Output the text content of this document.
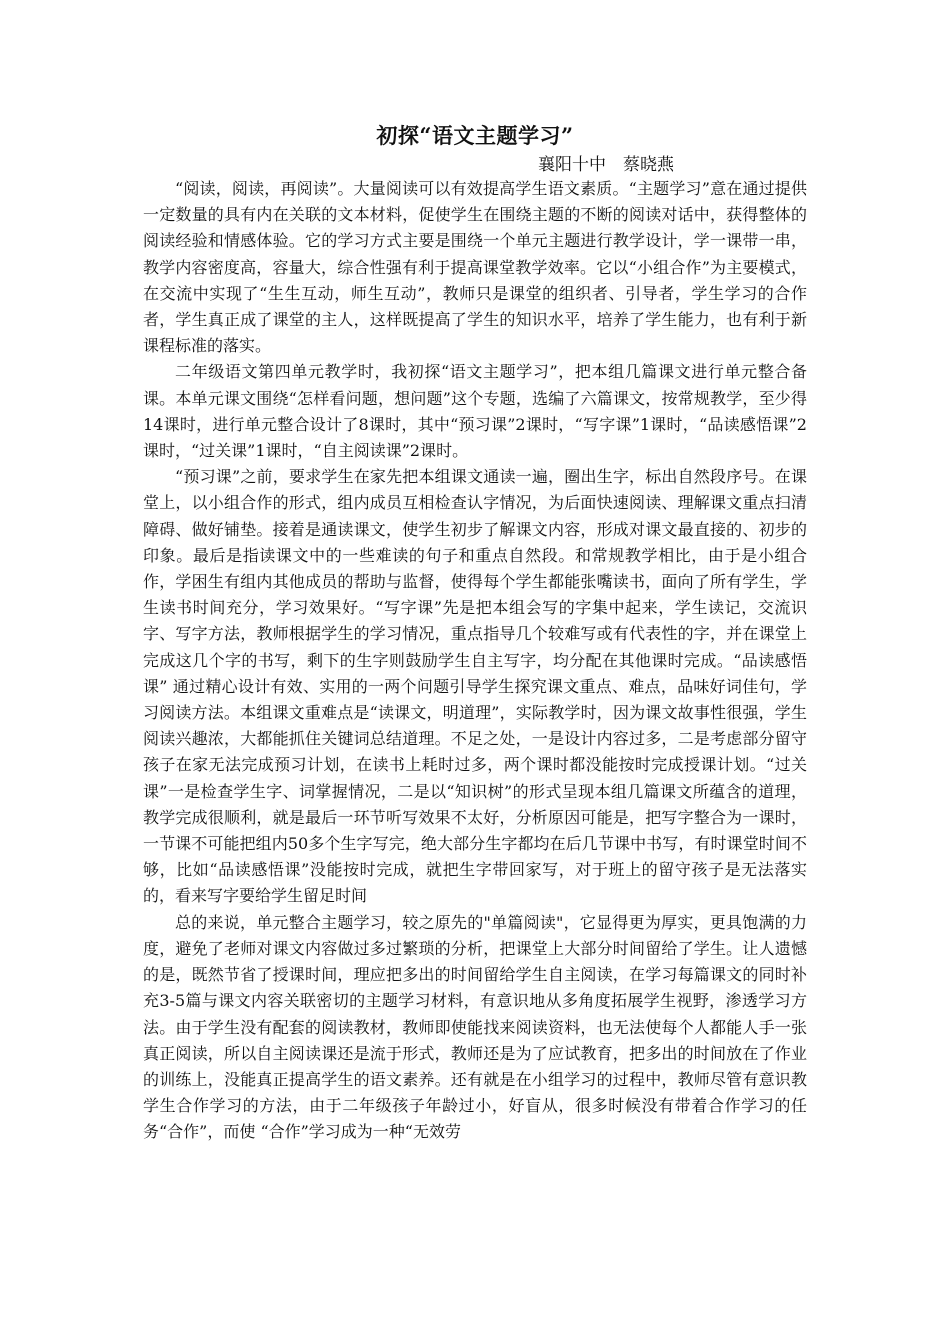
初探“语文主题学习”

襄阳十中　蔡晓燕

“阅读，阅读，再阅读”。大量阅读可以有效提高学生语文素质。“主题学习”意在通过提供一定数量的具有内在关联的文本材料，促使学生在围绕主题的不断的阅读对话中，获得整体的阅读经验和情感体验。它的学习方式主要是围绕一个单元主题进行教学设计，学一课带一串，教学内容密度高，容量大，综合性强有利于提高课堂教学效率。它以“小组合作”为主要模式，在交流中实现了“生生互动，师生互动”，教师只是课堂的组织者、引导者，学生学习的合作者，学生真正成了课堂的主人，这样既提高了学生的知识水平，培养了学生能力，也有利于新课程标准的落实。

二年级语文第四单元教学时，我初探“语文主题学习”，把本组几篇课文进行单元整合备课。本单元课文围绕“怎样看问题，想问题”这个专题，选编了六篇课文，按常规教学，至少得14课时，进行单元整合设计了8课时，其中“预习课”2课时，“写字课”1课时，“品读感悟课”2课时，“过关课”1课时，“自主阅读课”2课时。

“预习课”之前，要求学生在家先把本组课文通读一遍，圈出生字，标出自然段序号。在课堂上，以小组合作的形式，组内成员互相检查认字情况，为后面快速阅读、理解课文重点扫清障碍、做好铺垫。接着是通读课文，使学生初步了解课文内容，形成对课文最直接的、初步的印象。最后是指读课文中的一些难读的句子和重点自然段。和常规教学相比，由于是小组合作，学困生有组内其他成员的帮助与监督，使得每个学生都能张嘴读书，面向了所有学生，学生读书时间充分，学习效果好。“写字课”先是把本组会写的字集中起来，学生读记，交流识字、写字方法，教师根据学生的学习情况，重点指导几个较难写或有代表性的字，并在课堂上完成这几个字的书写，剩下的生字则鼓励学生自主写字，均分配在其他课时完成。“品读感悟课” 通过精心设计有效、实用的一两个问题引导学生探究课文重点、难点，品味好词佳句，学习阅读方法。本组课文重难点是“读课文，明道理”，实际教学时，因为课文故事性很强，学生阅读兴趣浓，大都能抓住关键词总结道理。不足之处，一是设计内容过多，二是考虑部分留守孩子在家无法完成预习计划，在读书上耗时过多，两个课时都没能按时完成授课计划。“过关课”一是检查学生字、词掌握情况，二是以“知识树”的形式呈现本组几篇课文所蕴含的道理，教学完成很顺利，就是最后一环节听写效果不太好，分析原因可能是，把写字整合为一课时，一节课不可能把组内50多个生字写完，绝大部分生字都均在后几节课中书写，有时课堂时间不够，比如“品读感悟课”没能按时完成，就把生字带回家写，对于班上的留守孩子是无法落实的，看来写字要给学生留足时间

总的来说，单元整合主题学习，较之原先的"单篇阅读"，它显得更为厚实，更具饱满的力度，避免了老师对课文内容做过多过繁琐的分析，把课堂上大部分时间留给了学生。让人遗憾的是，既然节省了授课时间，理应把多出的时间留给学生自主阅读，在学习每篇课文的同时补充3-5篇与课文内容关联密切的主题学习材料，有意识地从多角度拓展学生视野，渗透学习方法。由于学生没有配套的阅读教材，教师即使能找来阅读资料，也无法使每个人都能人手一张真正阅读，所以自主阅读课还是流于形式，教师还是为了应试教育，把多出的时间放在了作业的训练上，没能真正提高学生的语文素养。还有就是在小组学习的过程中，教师尽管有意识教学生合作学习的方法，由于二年级孩子年龄过小，好盲从，很多时候没有带着合作学习的任务“合作”，而使 “合作”学习成为一种“无效劳
